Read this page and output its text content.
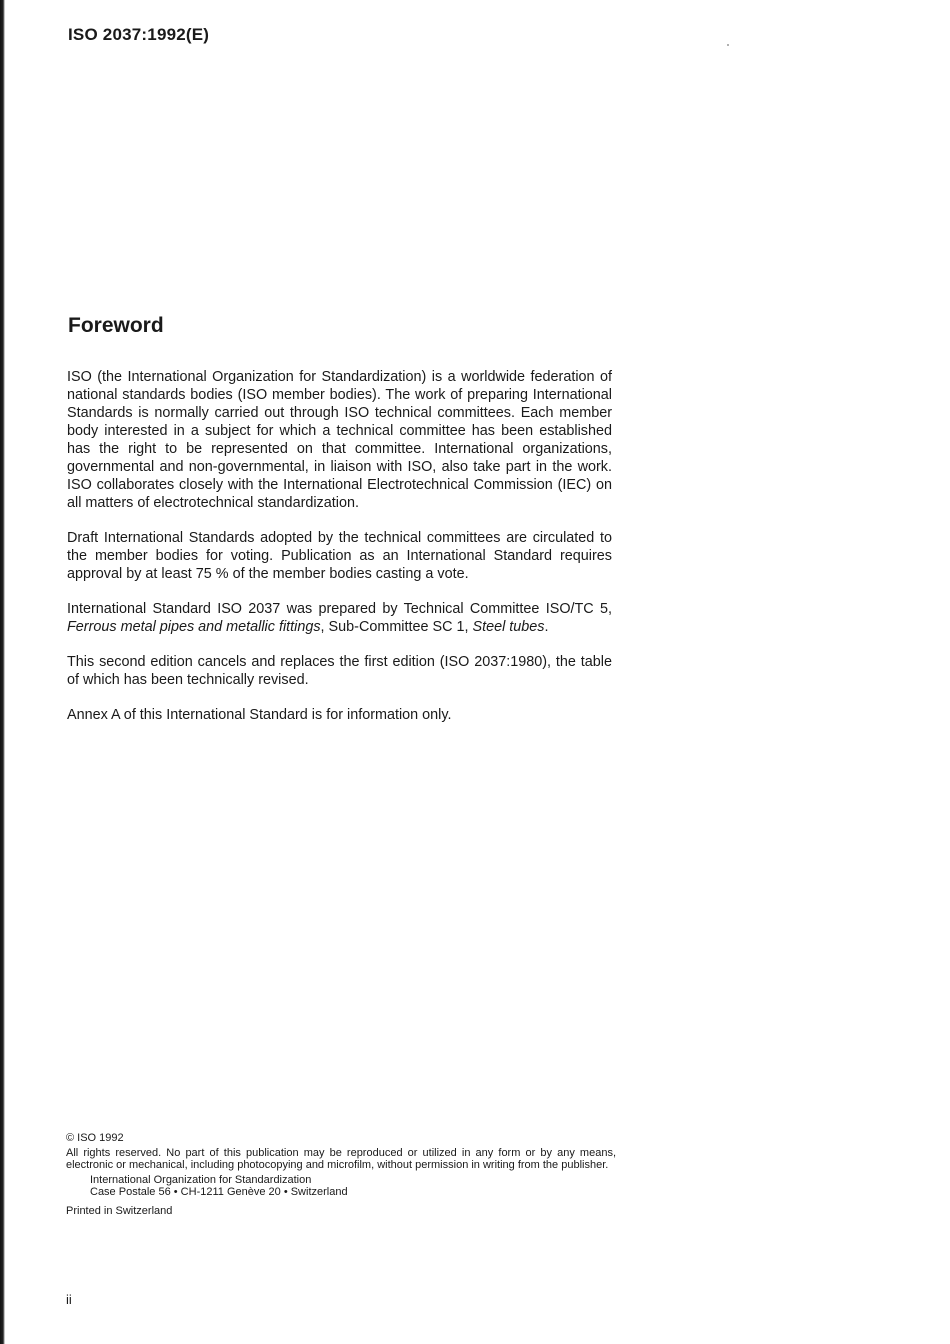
ISO 2037:1992(E)
Foreword

ISO (the International Organization for Standardization) is a worldwide federation of national standards bodies (ISO member bodies). The work of preparing International Standards is normally carried out through ISO technical committees. Each member body interested in a subject for which a technical committee has been established has the right to be represented on that committee. International organizations, governmental and non-governmental, in liaison with ISO, also take part in the work. ISO collaborates closely with the International Electrotechnical Commission (IEC) on all matters of electrotechnical standardization.

Draft International Standards adopted by the technical committees are circulated to the member bodies for voting. Publication as an International Standard requires approval by at least 75 % of the member bodies casting a vote.

International Standard ISO 2037 was prepared by Technical Committee ISO/TC 5, Ferrous metal pipes and metallic fittings, Sub-Committee SC 1, Steel tubes.

This second edition cancels and replaces the first edition (ISO 2037:1980), the table of which has been technically revised.

Annex A of this International Standard is for information only.

© ISO 1992

All rights reserved. No part of this publication may be reproduced or utilized in any form or by any means, electronic or mechanical, including photocopying and microfilm, without permission in writing from the publisher.

International Organization for Standardization

Case Postale 56 • CH-1211 Genève 20 • Switzerland

Printed in Switzerland

ii
